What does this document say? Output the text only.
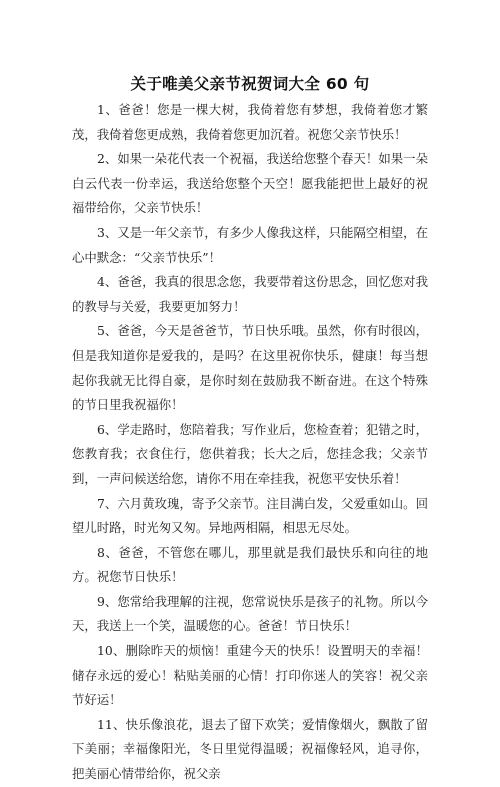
关于唯美父亲节祝贺词大全 60 句

1、爸爸！您是一棵大树，我倚着您有梦想，我倚着您才繁茂，我倚着您更成熟，我倚着您更加沉着。祝您父亲节快乐！

2、如果一朵花代表一个祝福，我送给您整个春天！如果一朵白云代表一份幸运，我送给您整个天空！愿我能把世上最好的祝福带给你，父亲节快乐！

3、又是一年父亲节，有多少人像我这样，只能隔空相望，在心中默念：“父亲节快乐”！

4、爸爸，我真的很思念您，我要带着这份思念，回忆您对我的教导与关爱，我要更加努力！

5、爸爸，今天是爸爸节，节日快乐哦。虽然，你有时很凶，但是我知道你是爱我的，是吗？在这里祝你快乐，健康！每当想起你我就无比得自豪，是你时刻在鼓励我不断奋进。在这个特殊的节日里我祝福你！

6、学走路时，您陪着我；写作业后，您检查着；犯错之时，您教育我；衣食住行，您供着我；长大之后，您挂念我；父亲节到，一声问候送给您，请你不用在牵挂我，祝您平安快乐着！

7、六月黄玫瑰，寄予父亲节。注目满白发，父爱重如山。回望儿时路，时光匆又匆。异地两相隔，相思无尽处。

8、爸爸，不管您在哪儿，那里就是我们最快乐和向往的地方。祝您节日快乐！

9、您常给我理解的注视，您常说快乐是孩子的礼物。所以今天，我送上一个笑，温暖您的心。爸爸！节日快乐！

10、删除昨天的烦恼！重建今天的快乐！设置明天的幸福！储存永远的爱心！粘贴美丽的心情！打印你迷人的笑容！祝父亲节好运！

11、快乐像浪花，退去了留下欢笑；爱情像烟火，飘散了留下美丽；幸福像阳光，冬日里觉得温暖；祝福像轻风，追寻你，把美丽心情带给你，祝父亲
